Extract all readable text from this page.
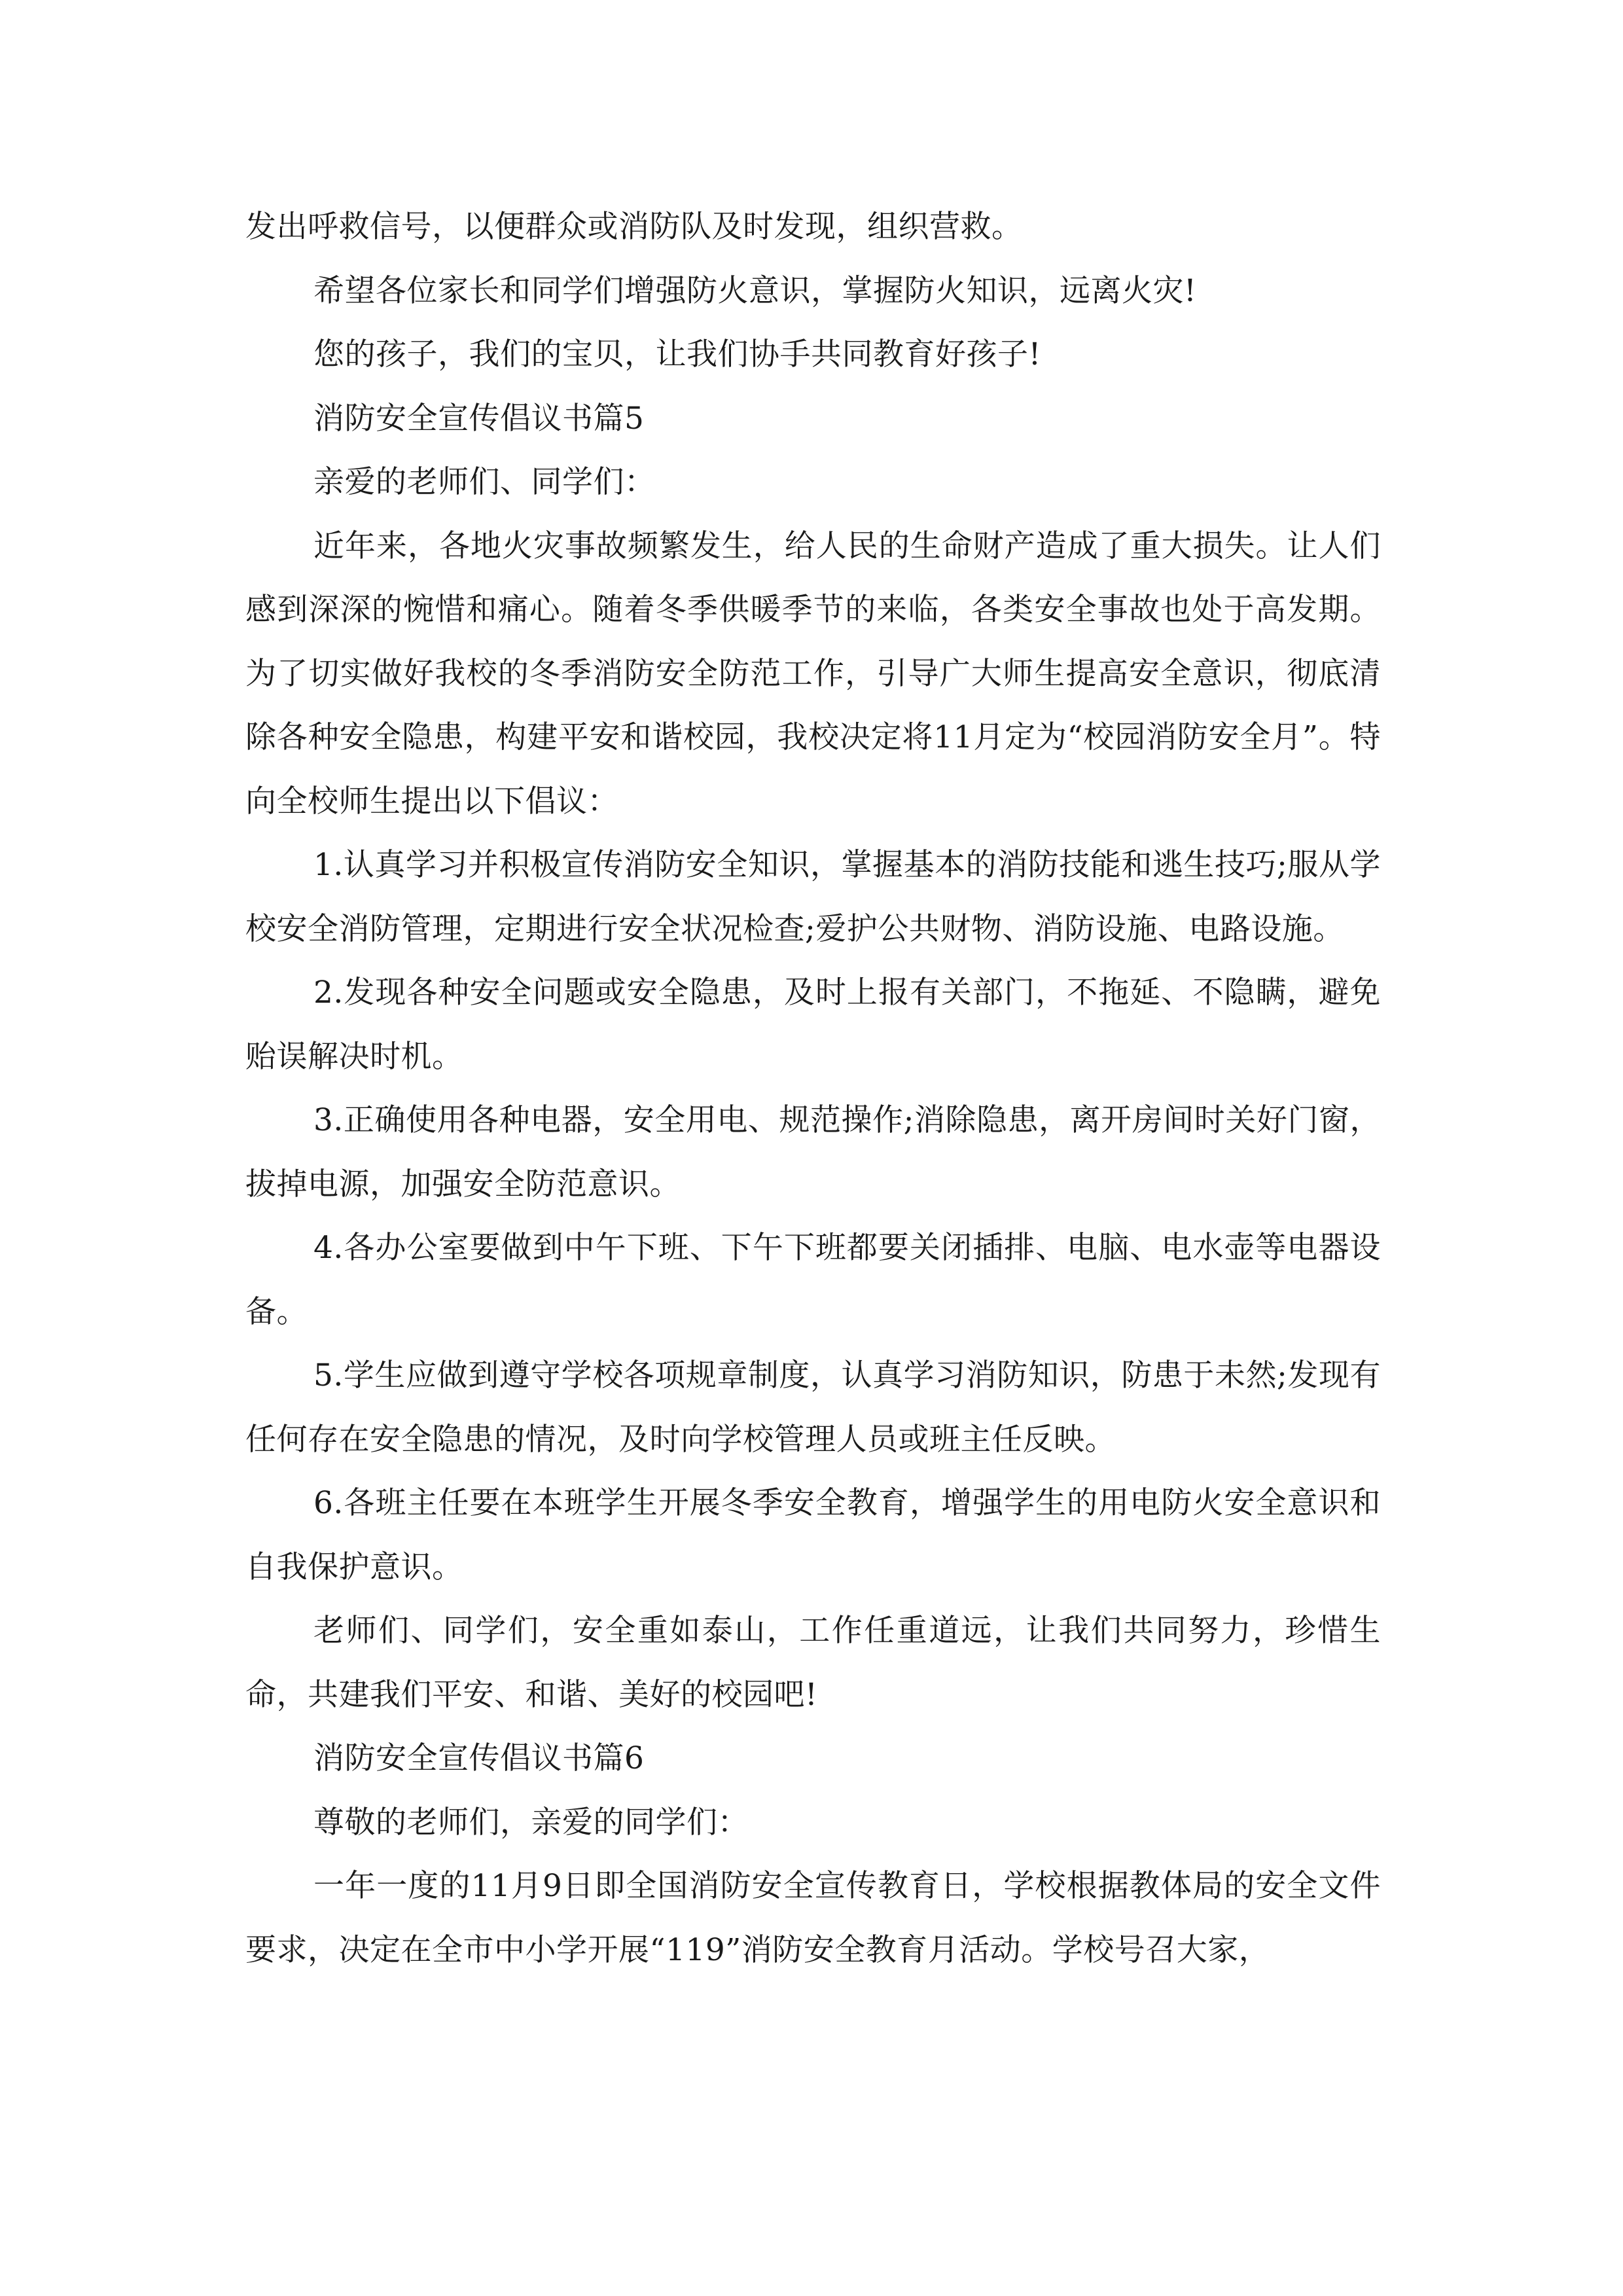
发出呼救信号，以便群众或消防队及时发现，组织营救。

希望各位家长和同学们增强防火意识，掌握防火知识，远离火灾!

您的孩子，我们的宝贝，让我们协手共同教育好孩子!

消防安全宣传倡议书篇5

亲爱的老师们、同学们：

近年来，各地火灾事故频繁发生，给人民的生命财产造成了重大损失。让人们感到深深的惋惜和痛心。随着冬季供暖季节的来临，各类安全事故也处于高发期。为了切实做好我校的冬季消防安全防范工作，引导广大师生提高安全意识，彻底清除各种安全隐患，构建平安和谐校园，我校决定将11月定为“校园消防安全月”。特向全校师生提出以下倡议：

1.认真学习并积极宣传消防安全知识，掌握基本的消防技能和逃生技巧;服从学校安全消防管理，定期进行安全状况检查;爱护公共财物、消防设施、电路设施。

2.发现各种安全问题或安全隐患，及时上报有关部门，不拖延、不隐瞒，避免贻误解决时机。

3.正确使用各种电器，安全用电、规范操作;消除隐患，离开房间时关好门窗，拔掉电源，加强安全防范意识。

4.各办公室要做到中午下班、下午下班都要关闭插排、电脑、电水壶等电器设备。

5.学生应做到遵守学校各项规章制度，认真学习消防知识，防患于未然;发现有任何存在安全隐患的情况，及时向学校管理人员或班主任反映。

6.各班主任要在本班学生开展冬季安全教育，增强学生的用电防火安全意识和自我保护意识。

老师们、同学们，安全重如泰山，工作任重道远，让我们共同努力，珍惜生命，共建我们平安、和谐、美好的校园吧!

消防安全宣传倡议书篇6

尊敬的老师们，亲爱的同学们：

一年一度的11月9日即全国消防安全宣传教育日，学校根据教体局的安全文件要求，决定在全市中小学开展“119”消防安全教育月活动。学校号召大家，
